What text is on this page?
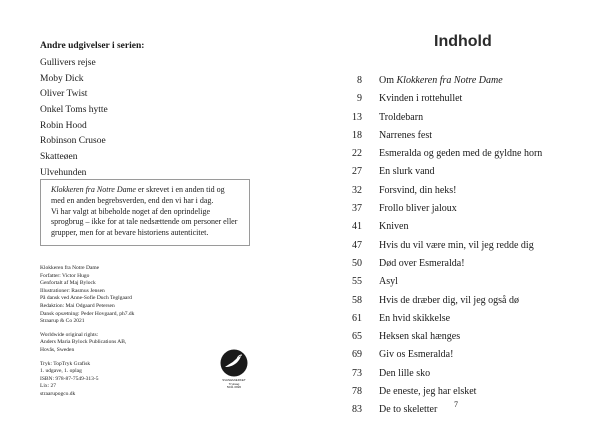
Andre udgivelser i serien:
Gullivers rejse
Moby Dick
Oliver Twist
Onkel Toms hytte
Robin Hood
Robinson Crusoe
Skatteøen
Ulvehunden

Klokkeren fra Notre Dame er skrevet i en anden tid og med en anden begrebsverden, end den vi har i dag.

Vi har valgt at bibeholde noget af den oprindelige sprogbrug – ikke for at tale nedsættende om personer eller grupper, men for at bevare historiens autenticitet.

Klokkeren fra Notre Dame
Forfatter: Victor Hugo
Genfortalt af Maj Bylock
Illustrationer: Rasmus Jensen
På dansk ved Anne-Sofie Duch Teglgaard
Redaktion: Mai Odgaard Petersen
Dansk opsætning: Peder Hovgaard, ph7.dk
Straarup & Co 2021
Worldwide original rights:
Anders Maria Bylock Publications AB,
Hovås, Sweden
Tryk: TopTryk Grafisk
1. udgave, 1. oplag
ISBN: 978-87-7549-313-5
Lix: 27
straarupogco.dk
SVANEMÆRKET
Tryksag
5041 0826
Indhold
8 Om Klokkeren fra Notre Dame
9 Kvinden i rottehullet
13 Troldebarn
18 Narrenes fest
22 Esmeralda og geden med de gyldne horn
27 En slurk vand
32 Forsvind, din heks!
37 Frollo bliver jaloux
41 Kniven
47 Hvis du vil være min, vil jeg redde dig
50 Død over Esmeralda!
55 Asyl
58 Hvis de dræber dig, vil jeg også dø
61 En hvid skikkelse
65 Heksen skal hænges
69 Giv os Esmeralda!
73 Den lille sko
78 De eneste, jeg har elsket
83 De to skeletter	7
